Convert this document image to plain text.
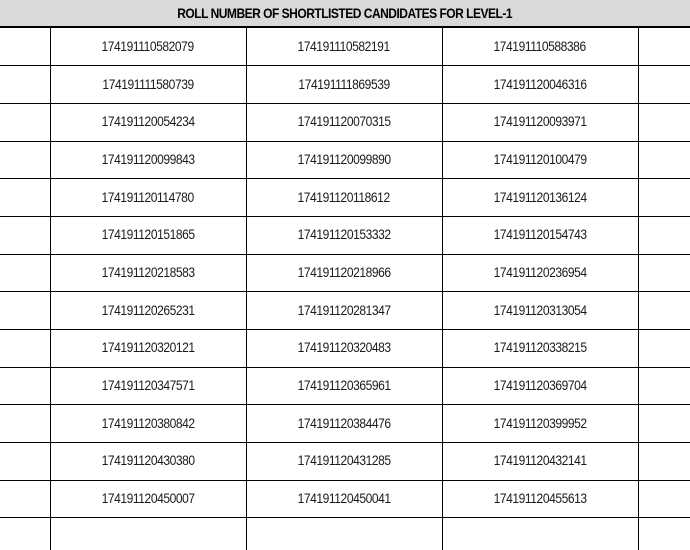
ROLL NUMBER OF SHORTLISTED CANDIDATES FOR LEVEL-1
	174191110582079	174191110582191	174191110588386	
	174191111580739	174191111869539	174191120046316	
	174191120054234	174191120070315	174191120093971	
	174191120099843	174191120099890	174191120100479	
	174191120114780	174191120118612	174191120136124	
	174191120151865	174191120153332	174191120154743	
	174191120218583	174191120218966	174191120236954	
	174191120265231	174191120281347	174191120313054	
	174191120320121	174191120320483	174191120338215	
	174191120347571	174191120365961	174191120369704	
	174191120380842	174191120384476	174191120399952	
	174191120430380	174191120431285	174191120432141	
	174191120450007	174191120450041	174191120455613	
